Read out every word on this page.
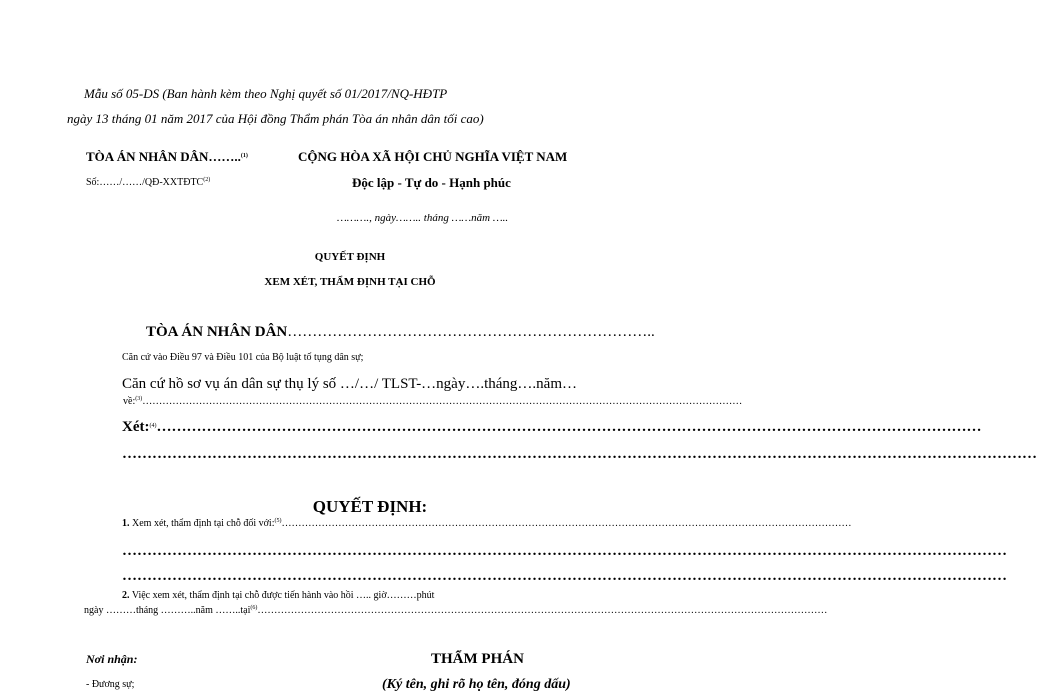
Mẫu số 05-DS (Ban hành kèm theo Nghị quyết số 01/2017/NQ-HĐTP
ngày 13 tháng 01 năm 2017 của Hội đồng Thẩm phán Tòa án nhân dân tối cao)
TÒA ÁN NHÂN DÂN……..$^{(1)}$
Số:……/……/QĐ-XXTĐTC$^{(2)}$
CỘNG HÒA XÃ HỘI CHỦ NGHĨA VIỆT NAM
Độc lập - Tự do - Hạnh phúc
………., ngày…….. tháng ……năm …..
QUYẾT ĐỊNH
XEM XÉT, THẨM ĐỊNH TẠI CHỖ
TÒA ÁN NHÂN DÂN………………………………………………………………..
Căn cứ vào Điều 97 và Điều 101 của Bộ luật tố tụng dân sự;
Căn cứ hồ sơ vụ án dân sự thụ lý số …/…/ TLST-…ngày….tháng….năm…
về:$^{(3)}$………………………………………………………………………………………………………………………………………………………………
Xét:$^{(4)}$…………………………………………………………………………………………………………………………………………………
…………………………………………………………………………………………………………………………………………………………………
QUYẾT ĐỊNH:
1. Xem xét, thẩm định tại chỗ đối với:$^{(5)}$………………………………………………………………………………………………………………………………………………………
……………………………………………………………………………………………………………………………………………………………
……………………………………………………………………………………………………………………………………………………………
2. Việc xem xét, thẩm định tại chỗ được tiến hành vào hồi ….. giờ………phút
ngày ………tháng ………..năm ……..tại$^{(6)}$………………………………………………………………………………………………………………………………………………………
Nơi nhận:
- Đương sự;
THẨM PHÁN
(Ký tên, ghi rõ họ tên, đóng dấu)
